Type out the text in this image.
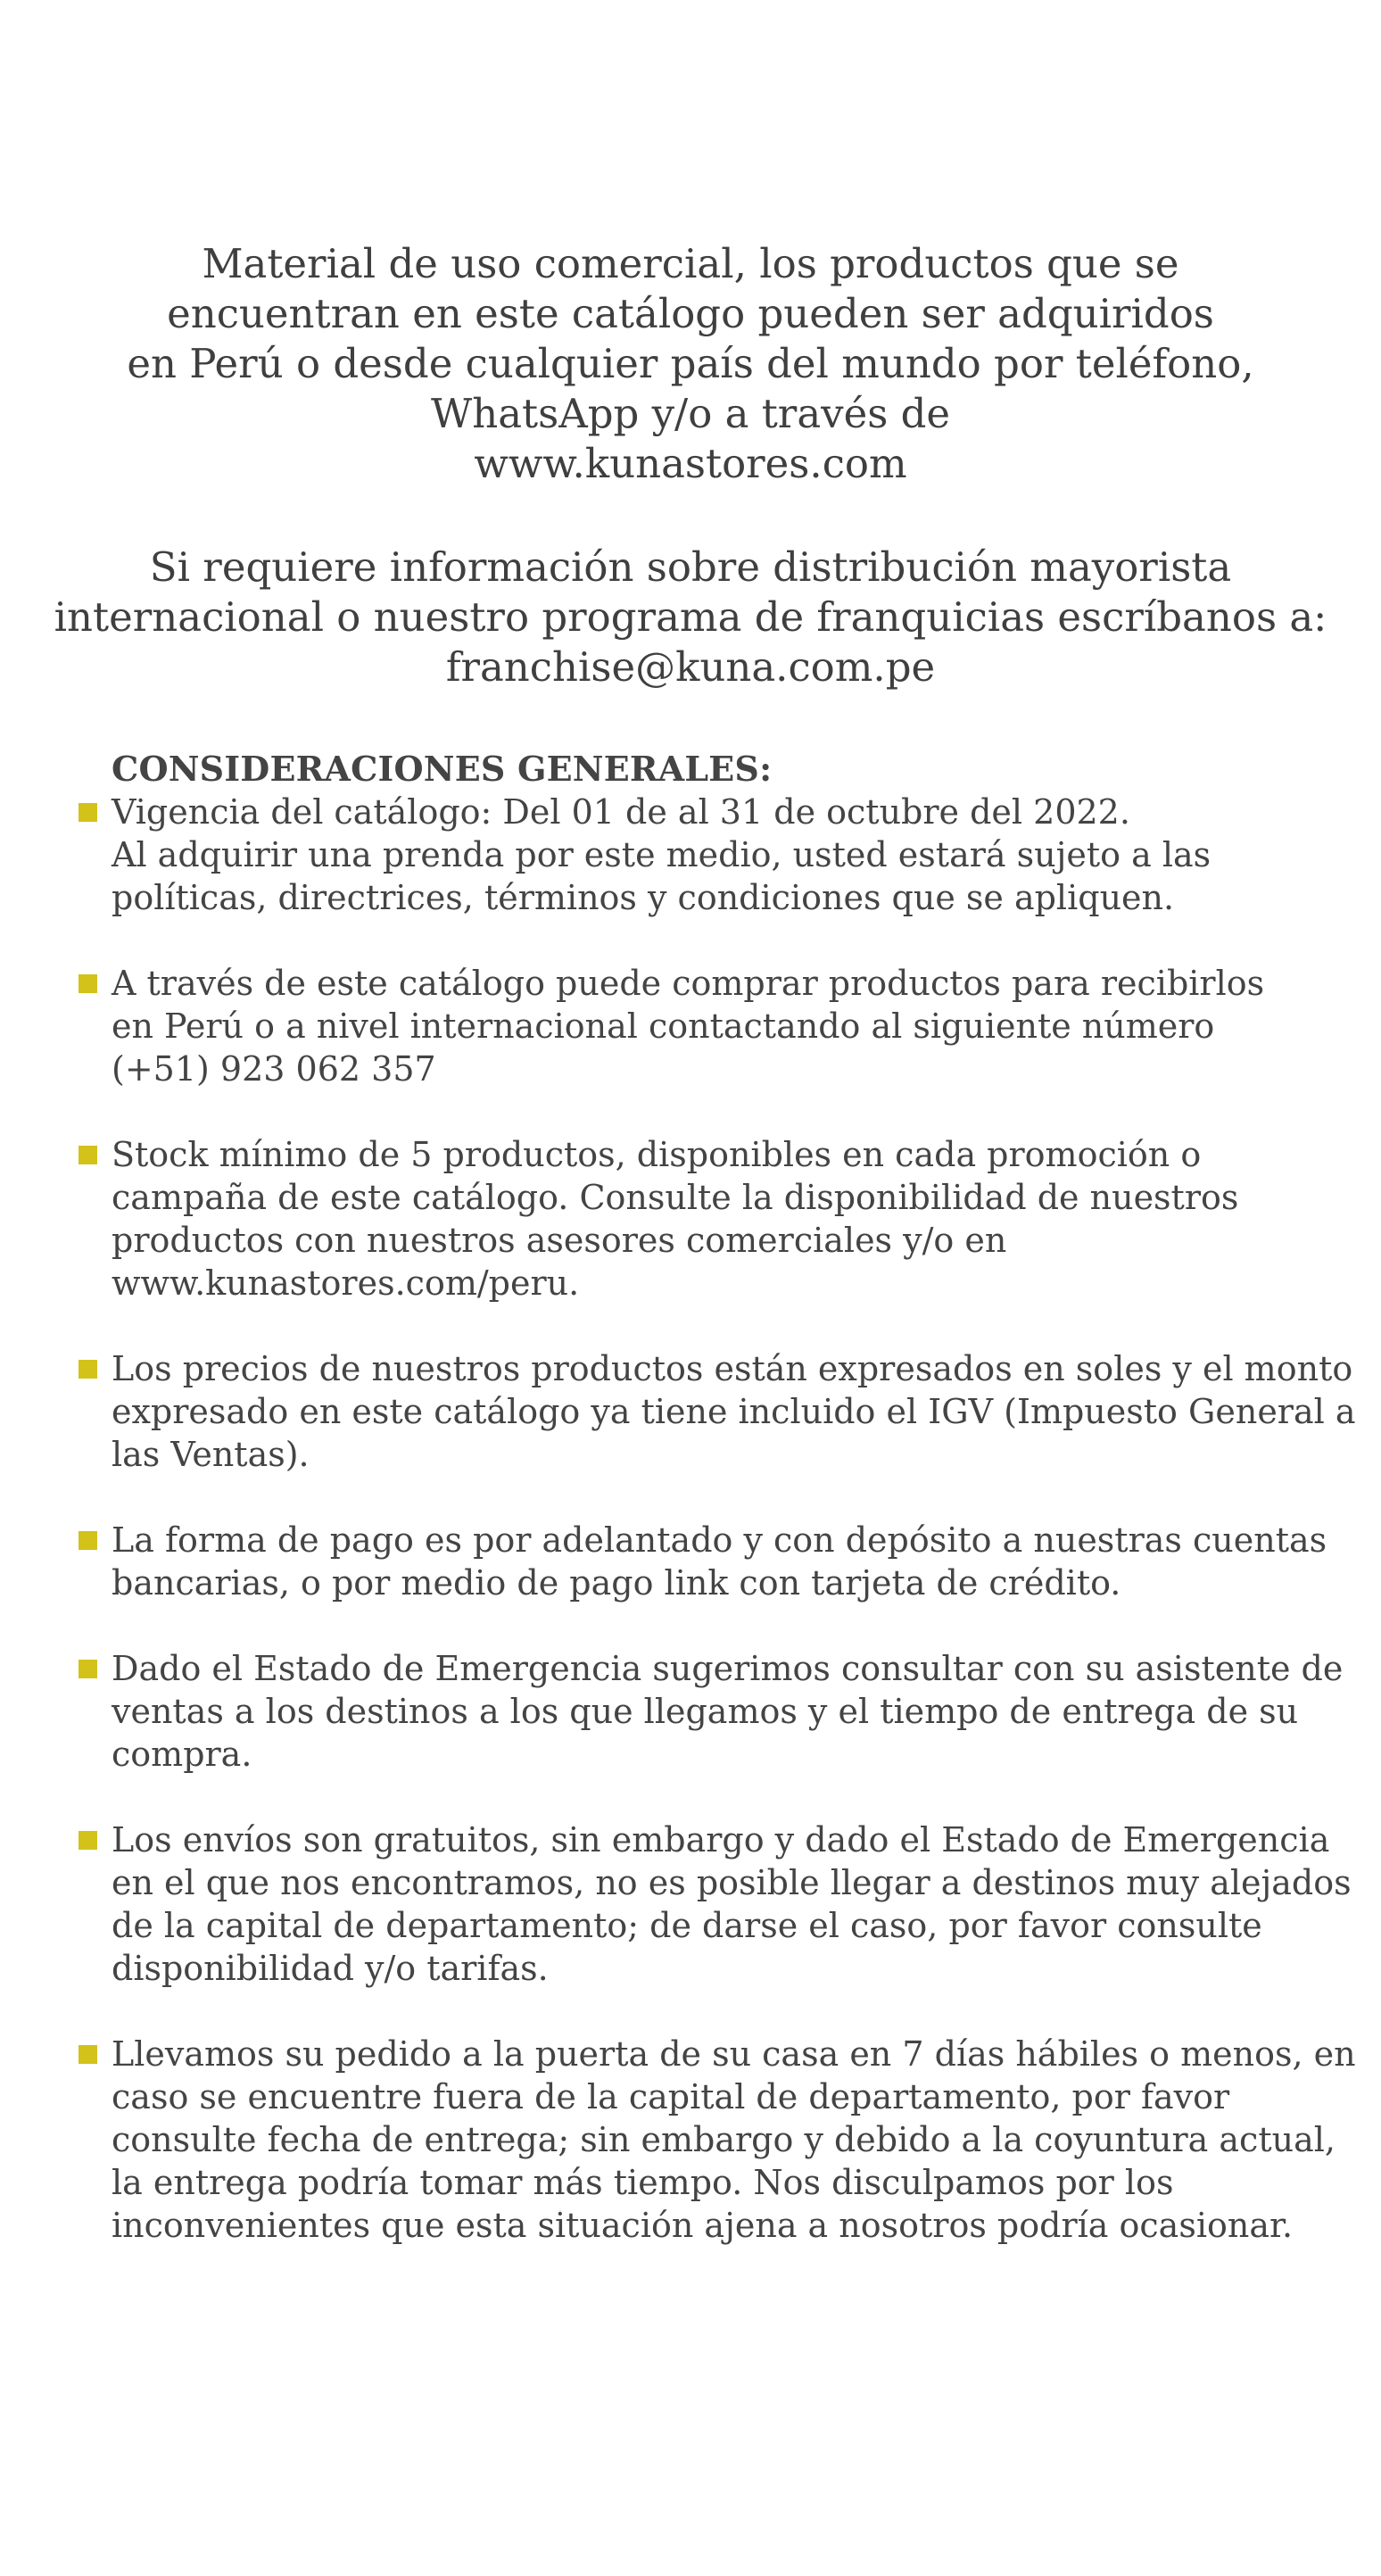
Material de uso comercial, los productos que se
encuentran en este catálogo pueden ser adquiridos
en Perú o desde cualquier país del mundo por teléfono,
WhatsApp y/o a través de
www.kunastores.com
Si requiere información sobre distribución mayorista
internacional o nuestro programa de franquicias escríbanos a:
franchise@kuna.com.pe
CONSIDERACIONES GENERALES:
Vigencia del catálogo: Del 01 de al 31 de octubre del 2022.
Al adquirir una prenda por este medio, usted estará sujeto a las
políticas, directrices, términos y condiciones que se apliquen.
A través de este catálogo puede comprar productos para recibirlos
en Perú o a nivel internacional contactando al siguiente número
(+51) 923 062 357
Stock mínimo de 5 productos, disponibles en cada promoción o
campaña de este catálogo. Consulte la disponibilidad de nuestros
productos con nuestros asesores comerciales y/o en
www.kunastores.com/peru.
Los precios de nuestros productos están expresados en soles y el monto
expresado en este catálogo ya tiene incluido el IGV (Impuesto General a
las Ventas).
La forma de pago es por adelantado y con depósito a nuestras cuentas
bancarias, o por medio de pago link con tarjeta de crédito.
Dado el Estado de Emergencia sugerimos consultar con su asistente de
ventas a los destinos a los que llegamos y el tiempo de entrega de su
compra.
Los envíos son gratuitos, sin embargo y dado el Estado de Emergencia
en el que nos encontramos, no es posible llegar a destinos muy alejados
de la capital de departamento; de darse el caso, por favor consulte
disponibilidad y/o tarifas.
Llevamos su pedido a la puerta de su casa en 7 días hábiles o menos, en
caso se encuentre fuera de la capital de departamento, por favor
consulte fecha de entrega; sin embargo y debido a la coyuntura actual,
la entrega podría tomar más tiempo. Nos disculpamos por los
inconvenientes que esta situación ajena a nosotros podría ocasionar.
